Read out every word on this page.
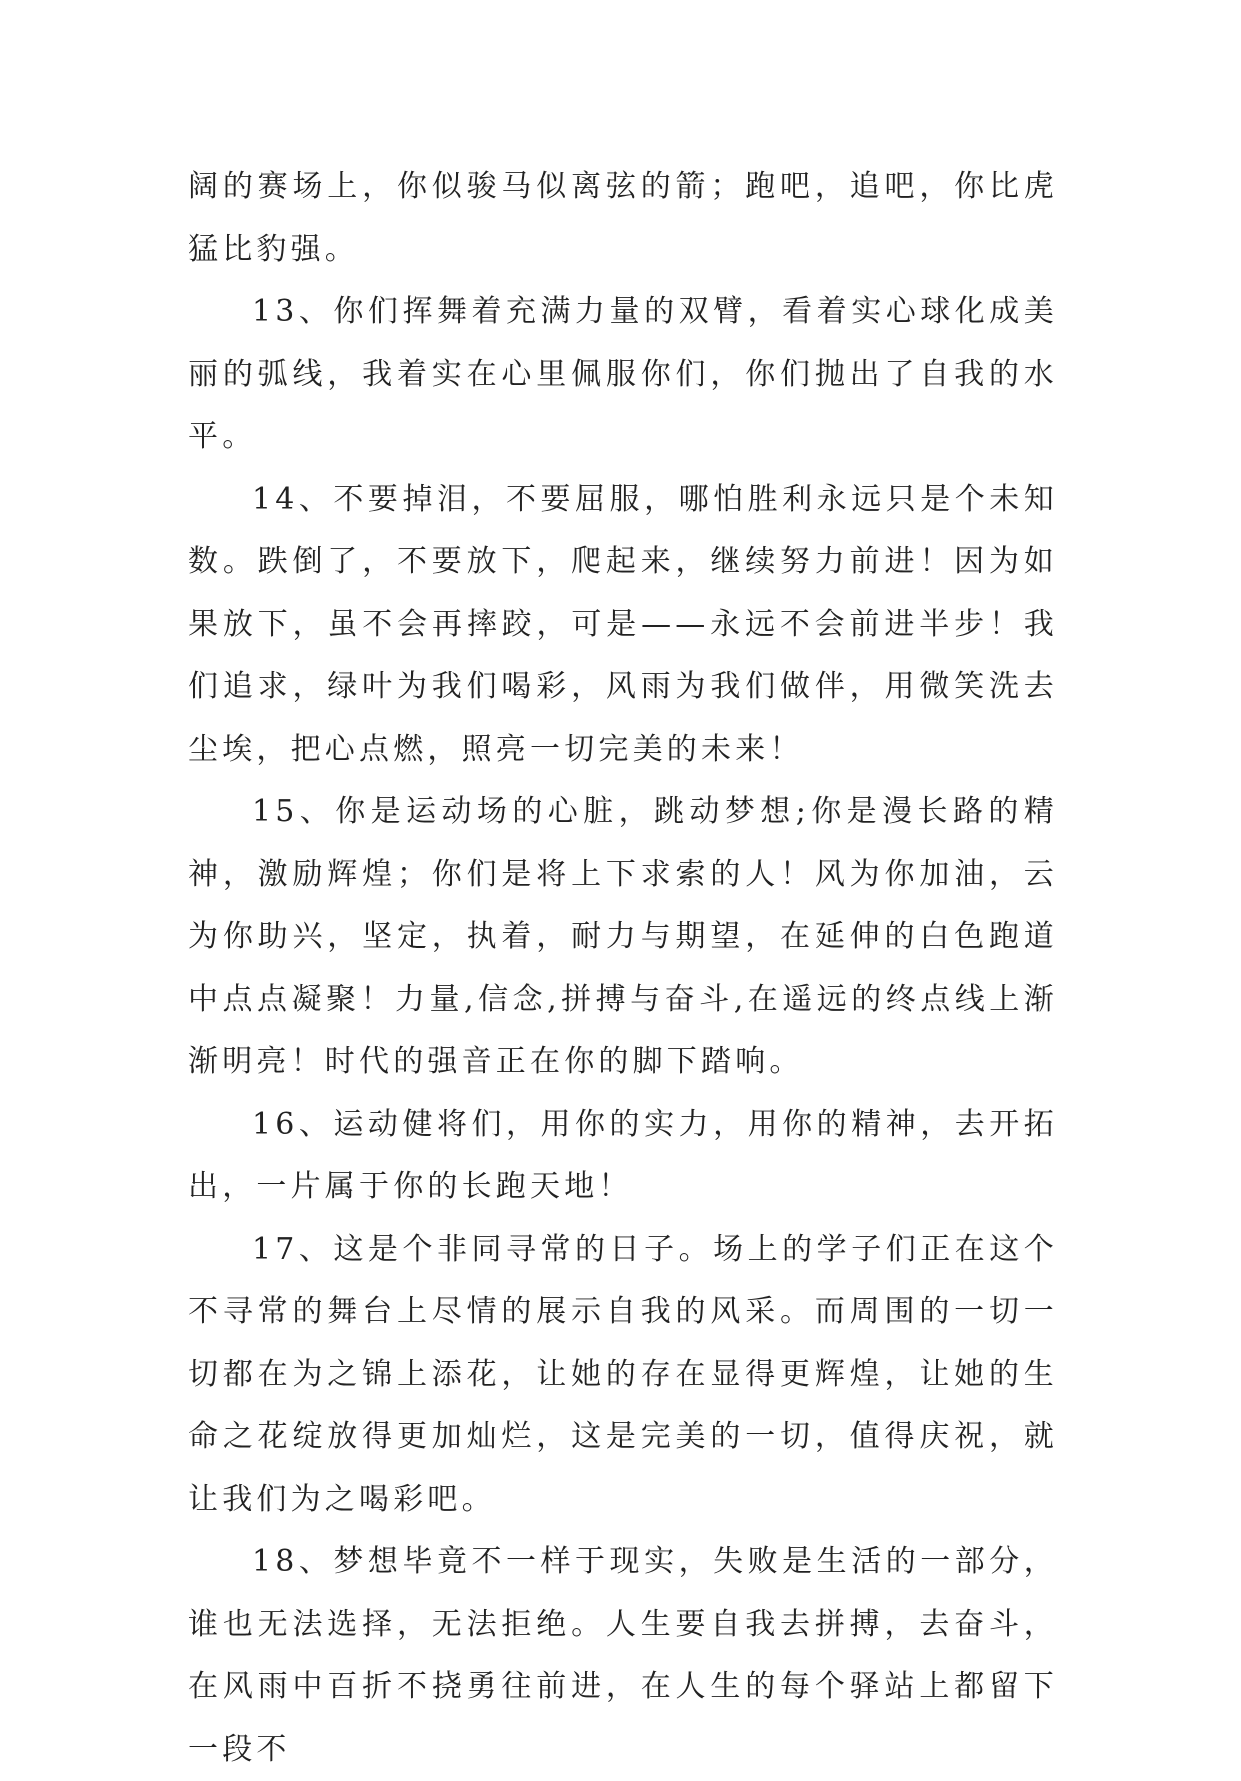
阔的赛场上，你似骏马似离弦的箭；跑吧，追吧，你比虎猛比豹强。

13、你们挥舞着充满力量的双臂，看着实心球化成美丽的弧线，我着实在心里佩服你们，你们抛出了自我的水平。

14、不要掉泪，不要屈服，哪怕胜利永远只是个未知数。跌倒了，不要放下，爬起来，继续努力前进！因为如果放下，虽不会再摔跤，可是——永远不会前进半步！我们追求，绿叶为我们喝彩，风雨为我们做伴，用微笑洗去尘埃，把心点燃，照亮一切完美的未来！

15、你是运动场的心脏，跳动梦想;你是漫长路的精神，激励辉煌；你们是将上下求索的人！风为你加油，云为你助兴，坚定，执着，耐力与期望，在延伸的白色跑道中点点凝聚！力量,信念,拼搏与奋斗,在遥远的终点线上渐渐明亮！时代的强音正在你的脚下踏响。

16、运动健将们，用你的实力，用你的精神，去开拓出，一片属于你的长跑天地！

17、这是个非同寻常的日子。场上的学子们正在这个不寻常的舞台上尽情的展示自我的风采。而周围的一切一切都在为之锦上添花，让她的存在显得更辉煌，让她的生命之花绽放得更加灿烂，这是完美的一切，值得庆祝，就让我们为之喝彩吧。

18、梦想毕竟不一样于现实，失败是生活的一部分，谁也无法选择，无法拒绝。人生要自我去拼搏，去奋斗，在风雨中百折不挠勇往前进，在人生的每个驿站上都留下一段不
